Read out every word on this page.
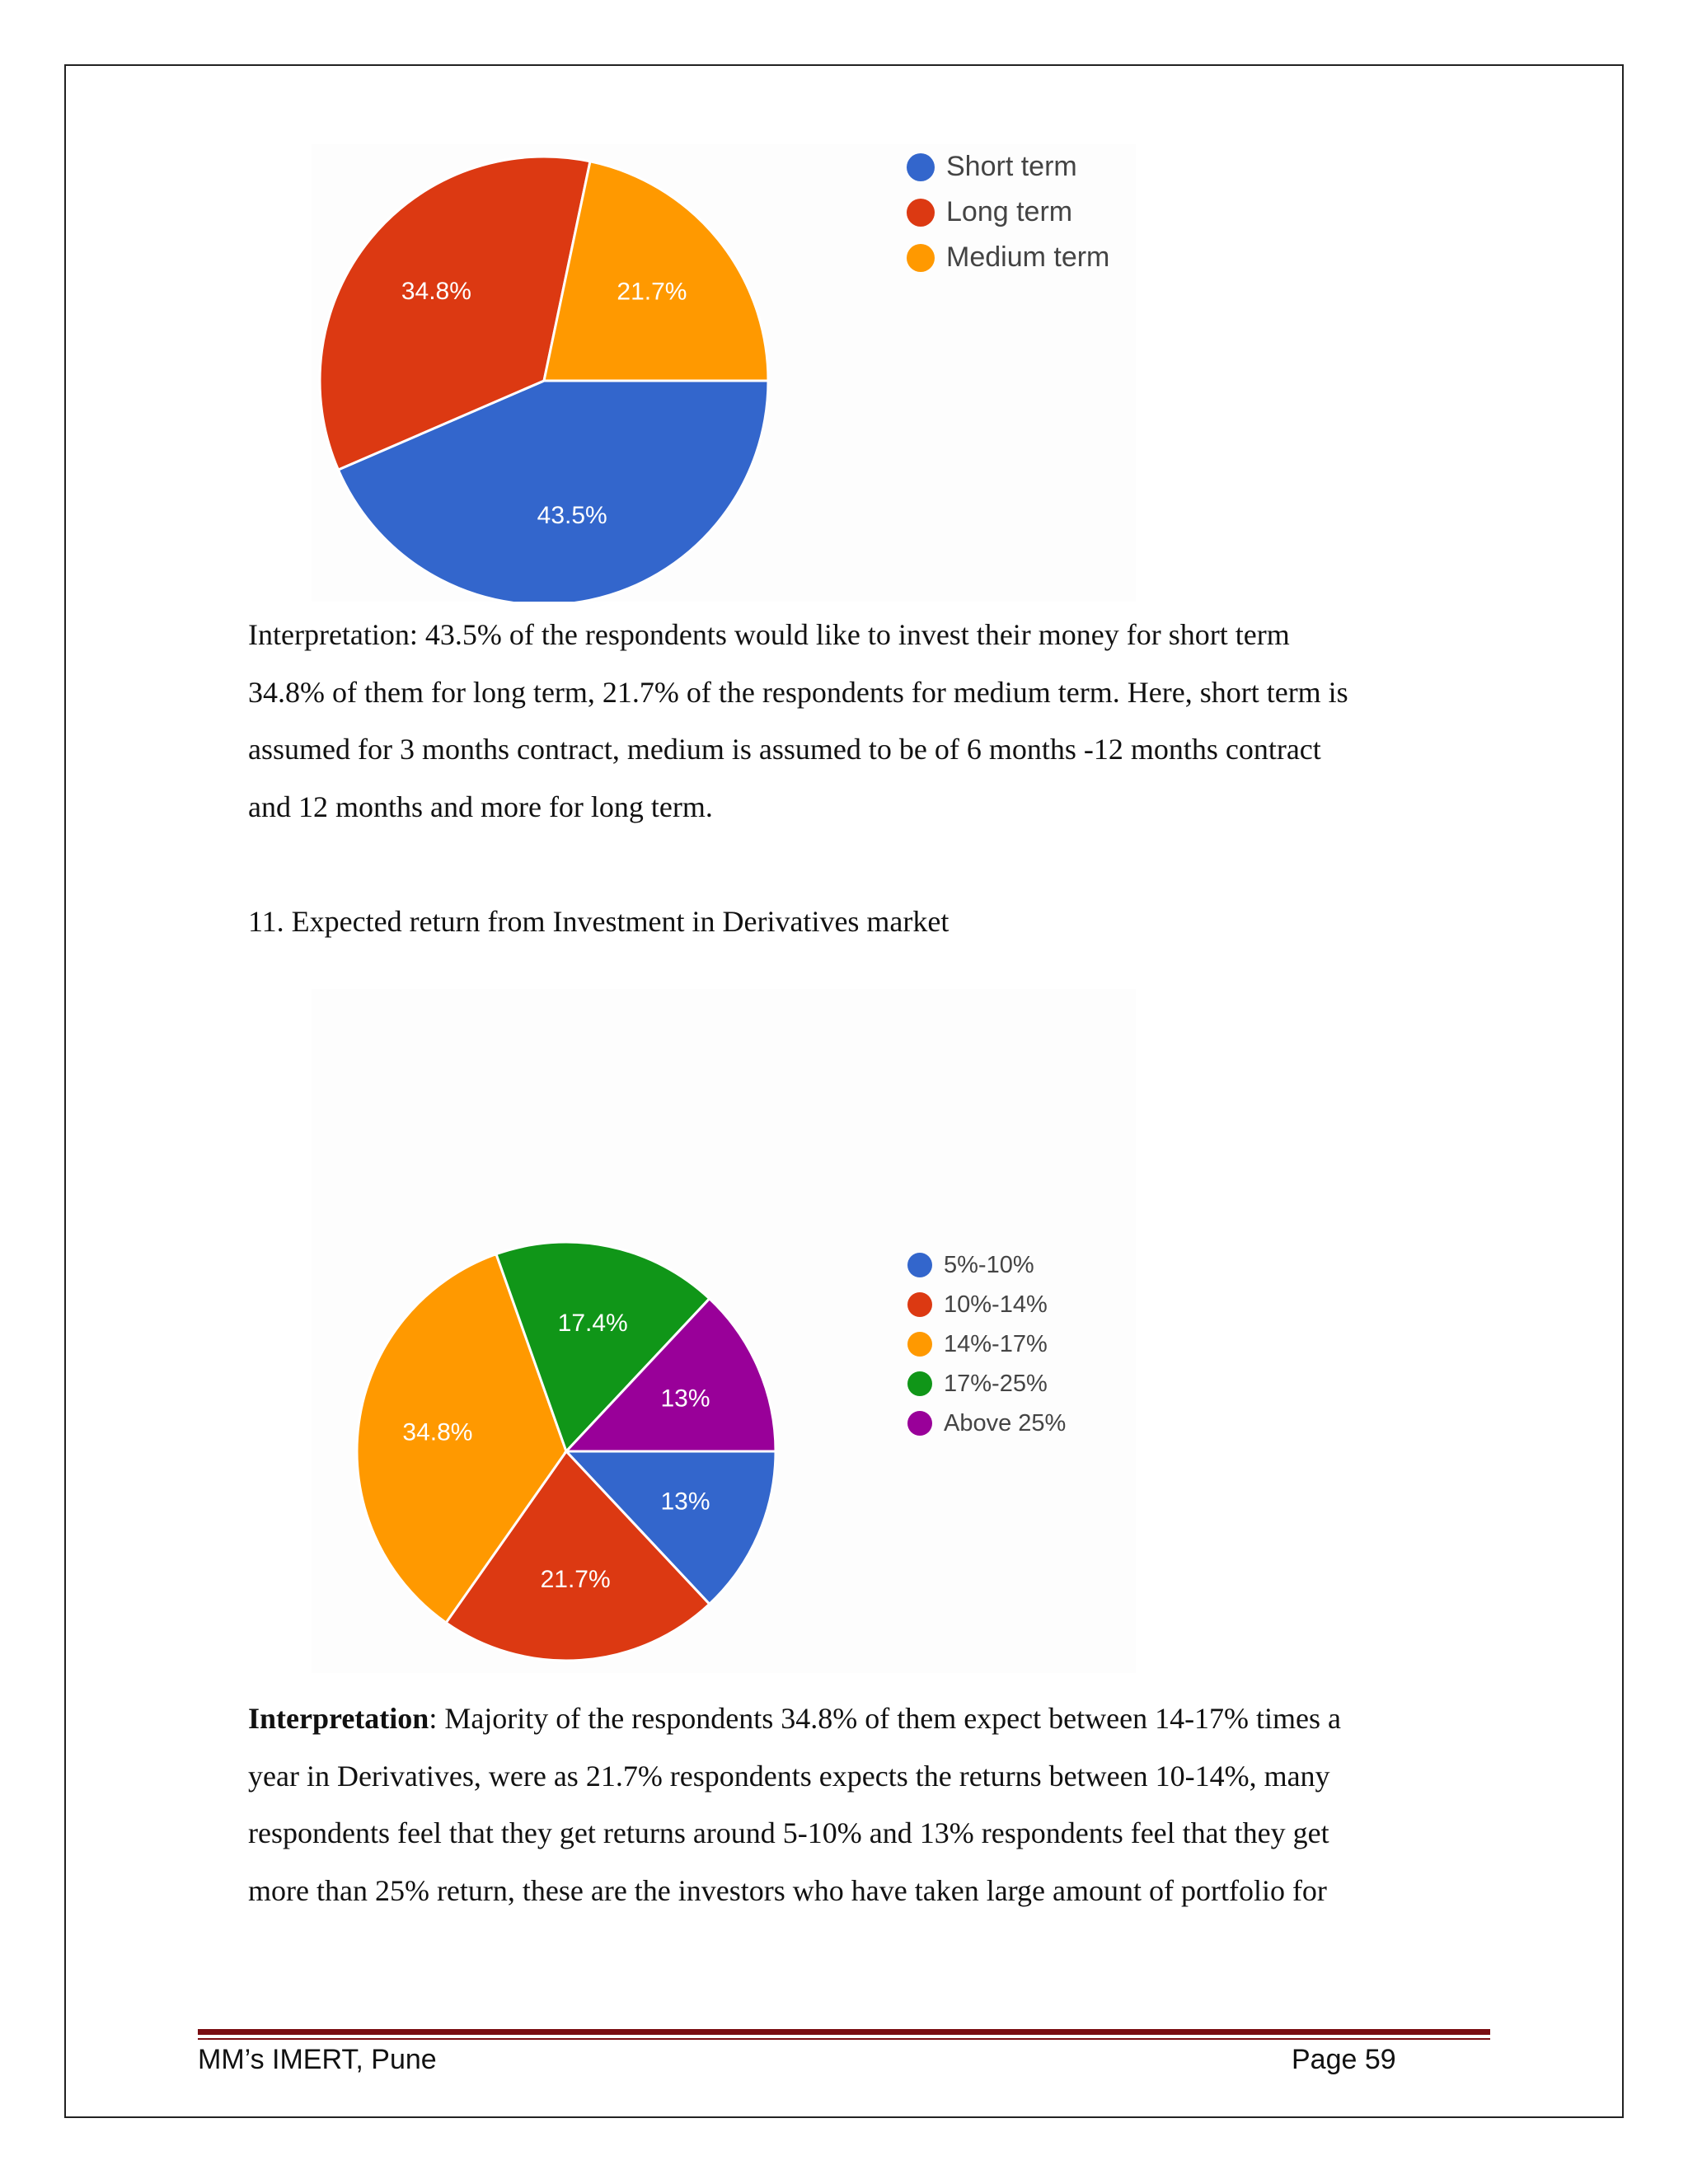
43.5%
34.8%	21.7%
Short term
Long term
Medium term
Interpretation: 43.5% of the respondents would like to invest their money for short term
34.8% of them for long term, 21.7% of the respondents for medium term. Here, short term is
assumed for 3 months contract, medium is assumed to be of 6 months -12 months contract
and 12 months and more for long term.
11. Expected return from Investment in Derivatives market
13%
21.7%
34.8%
17.4%
13%
5%-10%
10%-14%
14%-17%
17%-25%
Above 25%
Interpretation: Majority of the respondents 34.8% of them expect between 14-17% times a
year in Derivatives, were as 21.7% respondents expects the returns between 10-14%, many
respondents feel that they get returns around 5-10% and 13% respondents feel that they get
more than 25% return, these are the investors who have taken large amount of portfolio for
MM’s IMERT, Pune	Page 59
